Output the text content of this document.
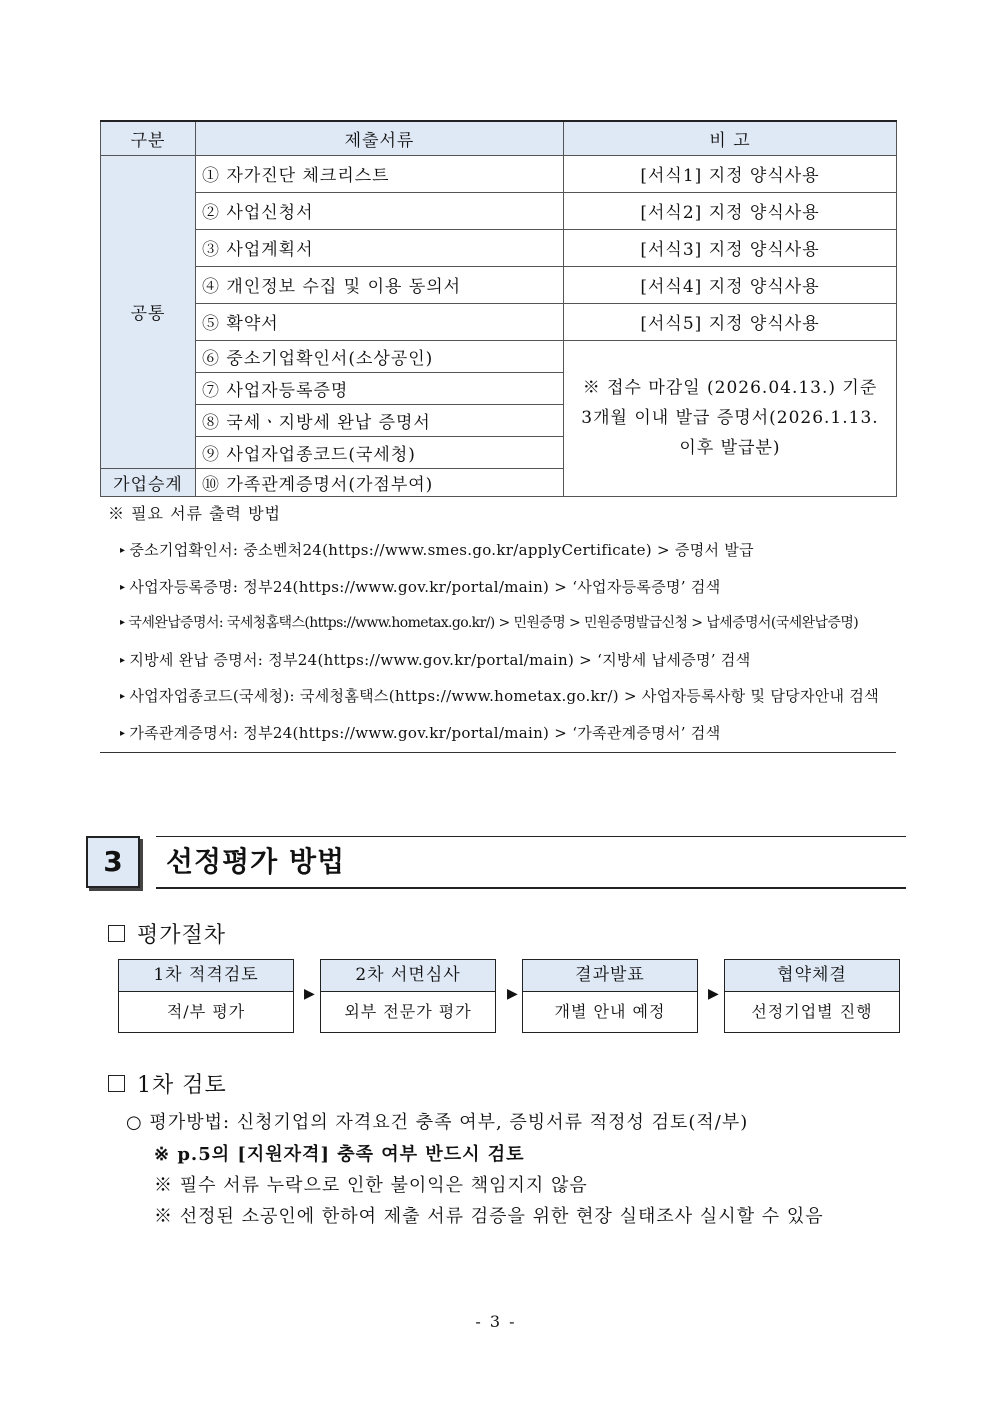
구분	제출서류	비 고
공통	① 자가진단 체크리스트	[서식1] 지정 양식사용
	② 사업신청서	[서식2] 지정 양식사용
	③ 사업계획서	[서식3] 지정 양식사용
	④ 개인정보 수집 및 이용 동의서	[서식4] 지정 양식사용
	⑤ 확약서	[서식5] 지정 양식사용
	⑥ 중소기업확인서(소상공인)	※ 접수 마감일 (2026.04.13.) 기준
3개월 이내 발급 증명서(2026.1.13.
이후 발급분)

	⑦ 사업자등록증명	
	⑧ 국세ㆍ지방세 완납 증명서	
	⑨ 사업자업종코드(국세청)	
가업승계	⑩ 가족관계증명서(가점부여)	
※ 필요 서류 출력 방법
▸ 중소기업확인서: 중소벤처24(https://www.smes.go.kr/applyCertificate) > 증명서 발급
▸ 사업자등록증명: 정부24(https://www.gov.kr/portal/main) > ‘사업자등록증명’ 검색
▸ 국세완납증명서: 국세청홈택스(https://www.hometax.go.kr/) > 민원증명 > 민원증명발급신청 > 납세증명서(국세완납증명)
▸ 지방세 완납 증명서: 정부24(https://www.gov.kr/portal/main) > ‘지방세 납세증명’ 검색
▸ 사업자업종코드(국세청): 국세청홈택스(https://www.hometax.go.kr/) > 사업자등록사항 및 담당자안내 검색
▸ 가족관계증명서: 정부24(https://www.gov.kr/portal/main) > ‘가족관계증명서’ 검색
3	선정평가 방법
평가절차
1차 적격검토
적/부 평가
▶
2차 서면심사
외부 전문가 평가
▶
결과발표
개별 안내 예정
▶
협약체결
선정기업별 진행
1차 검토
○ 평가방법: 신청기업의 자격요건 충족 여부, 증빙서류 적정성 검토(적/부)
※ p.5의 [지원자격] 충족 여부 반드시 검토
※ 필수 서류 누락으로 인한 불이익은 책임지지 않음
※ 선정된 소공인에 한하여 제출 서류 검증을 위한 현장 실태조사 실시할 수 있음
- 3 -
